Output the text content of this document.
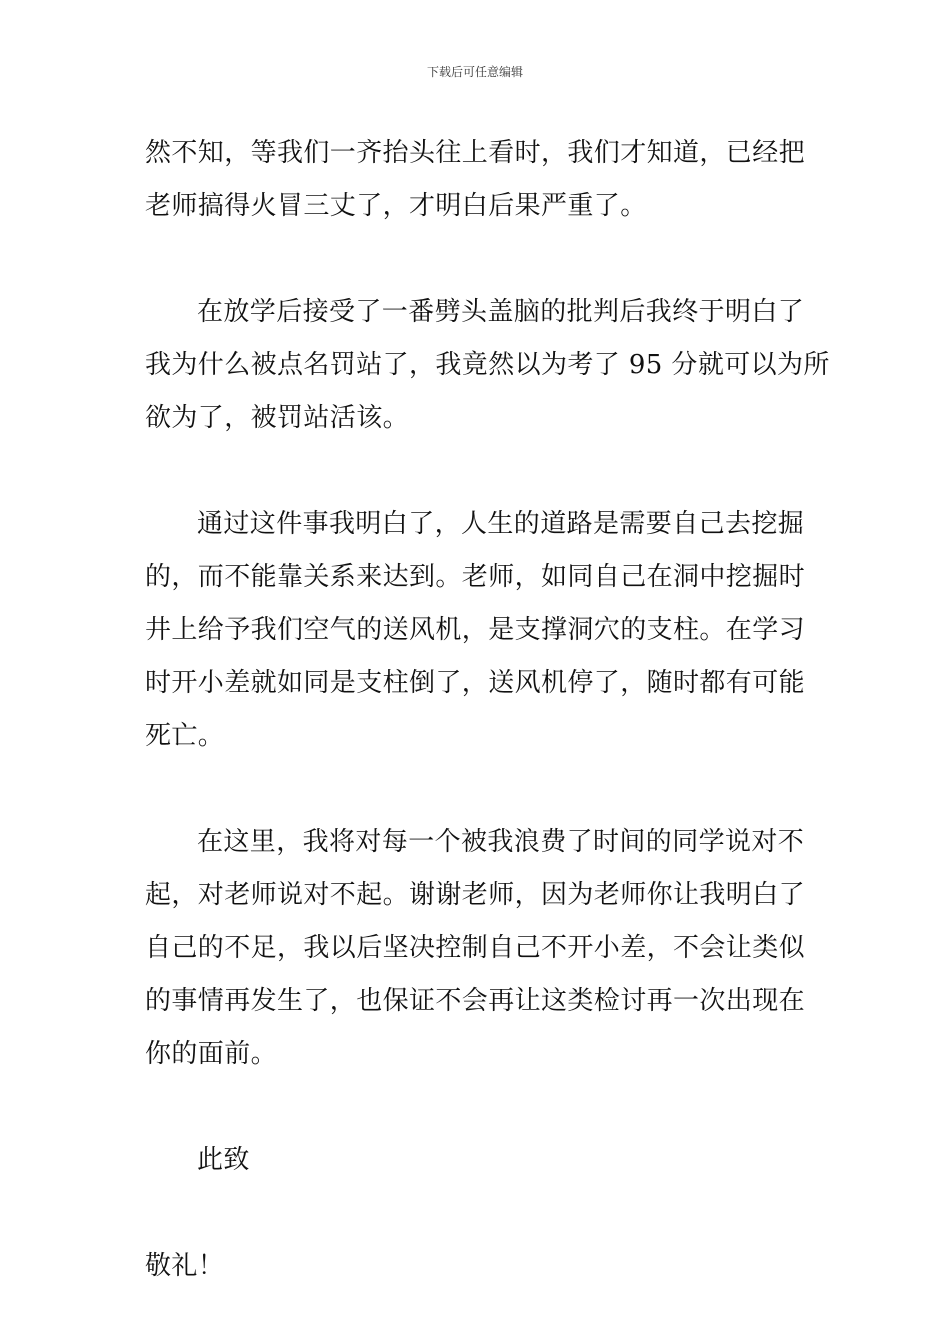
下载后可任意编辑

然不知，等我们一齐抬头往上看时，我们才知道，已经把
老师搞得火冒三丈了，才明白后果严重了。

在放学后接受了一番劈头盖脑的批判后我终于明白了
我为什么被点名罚站了，我竟然以为考了 95 分就可以为所
欲为了，被罚站活该。

通过这件事我明白了，人生的道路是需要自己去挖掘
的，而不能靠关系来达到。老师，如同自己在洞中挖掘时
井上给予我们空气的送风机，是支撑洞穴的支柱。在学习
时开小差就如同是支柱倒了，送风机停了，随时都有可能
死亡。

在这里，我将对每一个被我浪费了时间的同学说对不
起，对老师说对不起。谢谢老师，因为老师你让我明白了
自己的不足，我以后坚决控制自己不开小差，不会让类似
的事情再发生了，也保证不会再让这类检讨再一次出现在
你的面前。

此致

敬礼！
